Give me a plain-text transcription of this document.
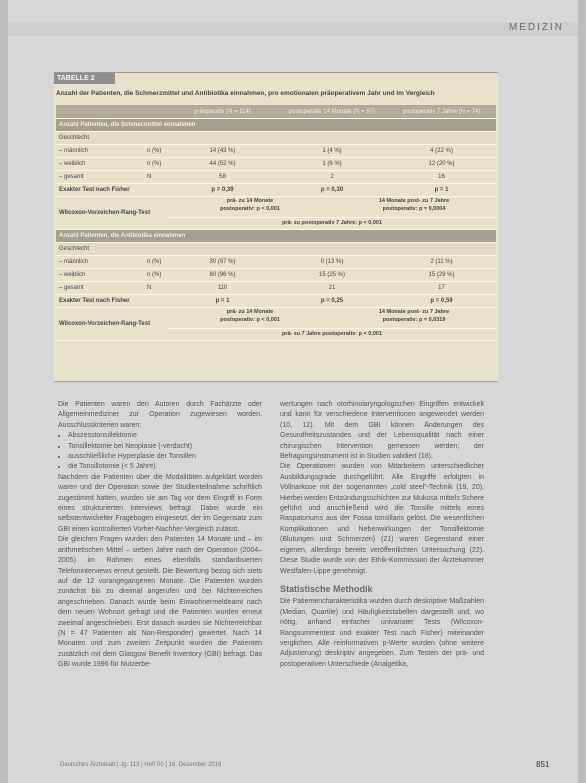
MEDIZIN
TABELLE 2
Anzahl der Patienten, die Schmerzmittel und Antibiotika einnahmen, pro emotionalen präoperativem Jahr und im Vergleich
		präoperativ (N = 114)	postoperativ 14 Monate (N = 97)	postoperativ 7 Jahre (N = 74)
Anzahl Patienten, die Schmerzmittel einnahmen				
Geschlecht				
– männlich	n (%)	14 (43 %)	1 (4 %)	4 (22 %)
– weiblich	n (%)	44 (52 %)	1 (6 %)	12 (20 %)
– gesamt	N	58	2	16
Exakter Test nach Fisher		p = 0,39	p = 0,30	p = 1
Wilcoxon-Vorzeichen-Rang-Test		prä- zu 14 Monate
postoperativ: p < 0,001
14 Monate post- zu 7 Jahre
postoperativ: p = 0,0004
prä- zu postoperativ 7 Jahre: p < 0,001		

Anzahl Patienten, die Antibiotika einnahmen				
Geschlecht				
– männlich	n (%)	30 (97 %)	0 (13 %)	2 (11 %)
– weiblich	n (%)	80 (96 %)	15 (25 %)	15 (29 %)
– gesamt	N	110	21	17
Exakter Test nach Fisher		p = 1	p = 0,25	p = 0,59
Wilcoxon-Vorzeichen-Rang-Test		prä- zu 14 Monate
postoperativ: p < 0,001
14 Monate post- zu 7 Jahre
postoperativ: p = 0,0319
prä- zu 7 Jahre postoperativ: p < 0,001		

Die Patienten waren den Autoren durch Fachärzte oder Allgemeinmediziner zur Operation zugewiesen worden. Ausschlusskriterien waren:

• Abszesstonsillektomie
• Tonsillektomie bei Neoplasie (-verdacht)
• ausschließliche Hyperplasie der Tonsillen
• die Tonsillotomie (< 5 Jahre).

Nachdem die Patienten über die Modalitäten aufgeklärt worden waren und der Operation sowie der Studienteilnahme schriftlich zugestimmt hatten, wurden sie am Tag vor dem Eingriff in Form eines strukturierten Interviews befragt. Dabei wurde ein selbstentwickelter Fragebogen eingesetzt, der im Gegensatz zum GBI einen kontrollierten Vorher-Nachher-Vergleich zulässt.

Die gleichen Fragen wurden den Patienten 14 Monate und – im arithmetischen Mittel – sieben Jahre nach der Operation (2004–2005) im Rahmen eines ebenfalls standardisierten Telefoninterviews erneut gestellt. Die Bewertung bezog sich stets auf die 12 vorangegangenen Monate. Die Patienten wurden zunächst bis zu dreimal angerufen und bei Nichterreichen angeschrieben. Danach wurde beim Einwohnermeldeamt nach dem neuen Wohnort gefragt und die Patienten wurden erneut zweimal angeschrieben. Erst danach wurden sie Nichterreichbar (N = 47 Patienten als Non-Responder) gewertet. Nach 14 Monaten und zum zweiten Zeitpunkt wurden die Patienten zusätzlich mit dem Glasgow Benefit Inventory (GBI) befragt. Das GBI wurde 1996 für Nutzerbe-

wertungen nach otorhinolaryngologischen Eingriffen entwickelt und kann für verschiedene Interventionen angewendet werden (10, 12). Mit dem GBI können Änderungen des Gesundheitszustandes und der Lebensqualität nach einer chirurgischen Intervention gemessen werden; der Befragungsinstrument ist in Studien validiert (18).

Die Operationen wurden von Mitarbeitern unterschiedlicher Ausbildungsgrade durchgeführt. Alle Eingriffe erfolgten in Vollnarkose mit der sogenannten „cold steel“-Technik (19, 20). Hierbei werden Entzündungsschichten zur Mukosa mittels Schere geführt und anschließend wird die Tonsille mittels eines Raspatoriums aus der Fossa tonsillaris gelöst. Die wesentlichen Komplikationen und Nebenwirkungen der Tonsillektomie (Blutungen und Schmerzen) (21) waren Gegenstand einer eigenen, allerdings bereits veröffentlichten Untersuchung (22). Diese Studie wurde von der Ethik-Kommission der Ärztekammer Westfalen-Lippe genehmigt.

Statistische Methodik

Die Patientencharakteristika wurden durch deskriptive Maßzahlen (Median, Quartile) und Häufigkeitstabellen dargestellt und, wo nötig, anhand einfacher univariater Tests (Wilcoxon-Rangsummentest und exakter Test nach Fisher) miteinander verglichen. Alle reinformativen p-Werte wurden (ohne weitere Adjustierung) deskriptiv angegeben. Zum Testen der prä- und postoperativen Unterschiede (Analgetika,

Deutsches Ärzteblatt | Jg. 113 | Heft 50 | 16. Dezember 2016	851
